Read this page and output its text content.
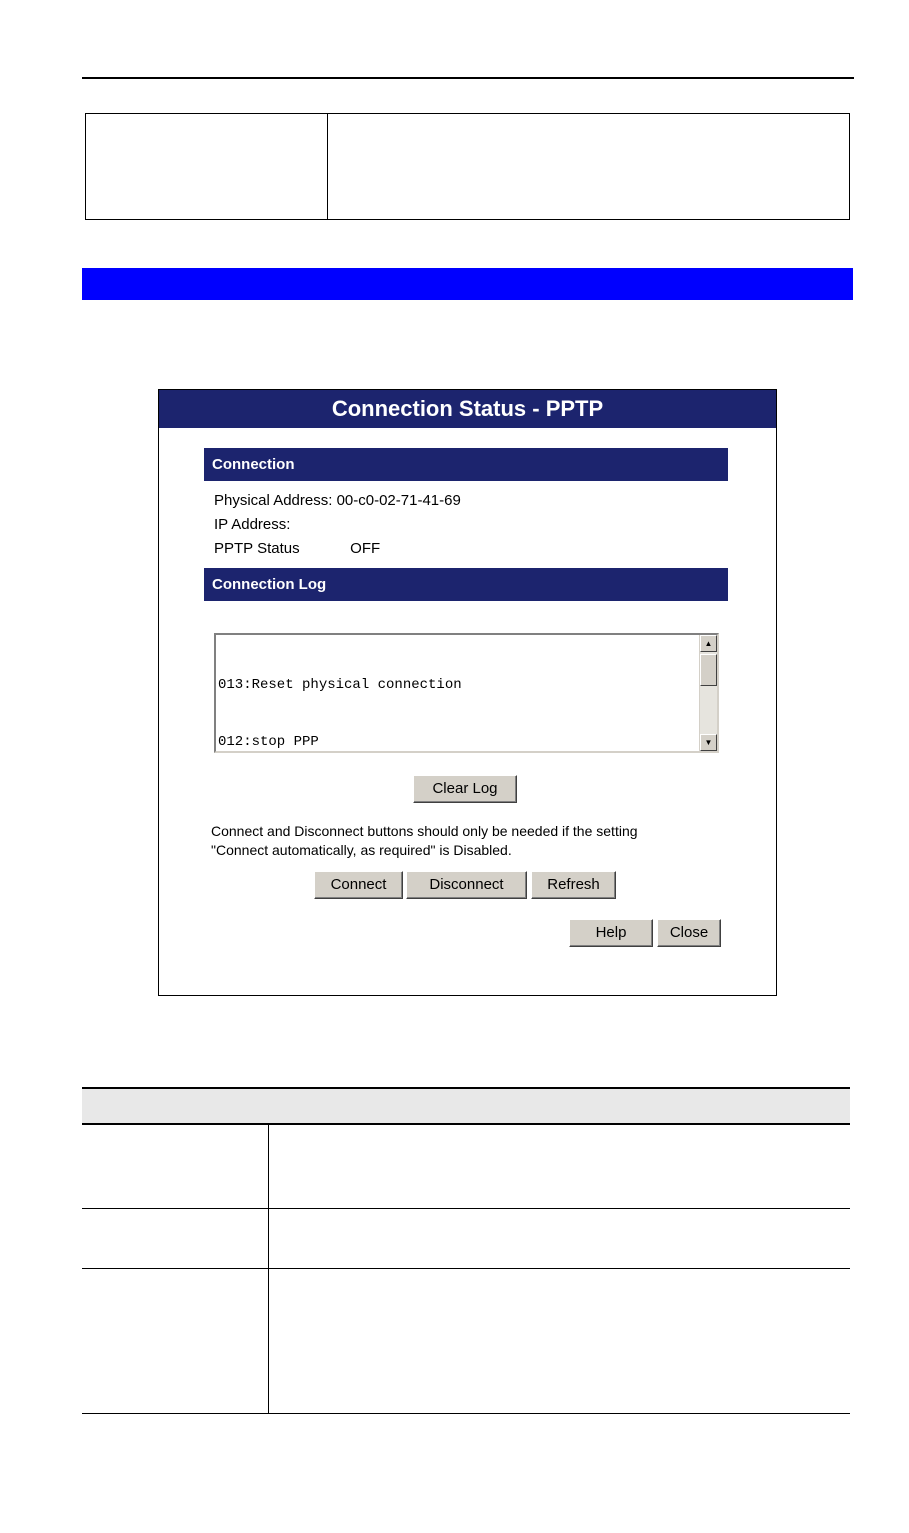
Connection Status - PPTP
Connection
Physical Address: 00-c0-02-71-41-69
IP Address:
PPTP Status	OFF
Connection Log

013:Reset physical connection

012:stop PPP

▲
▼
Clear Log
Connect and Disconnect buttons should only be needed if the setting
"Connect automatically, as required" is Disabled.
Connect	Disconnect	Refresh
Help	Close
